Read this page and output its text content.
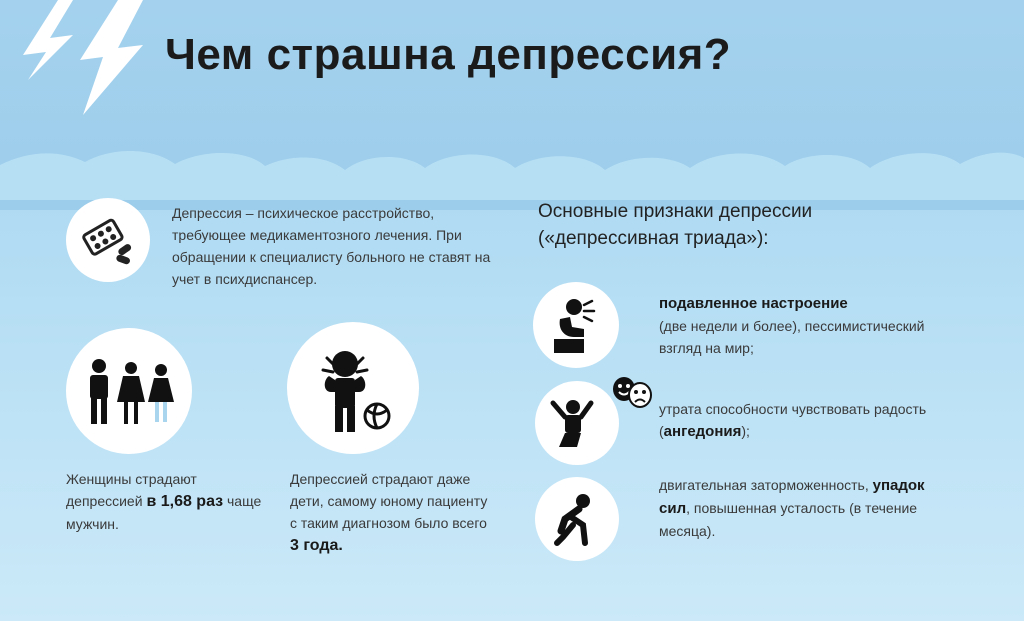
Чем страшна депрессия?
Депрессия – психическое расстройство, требующее медикаментозного лечения. При обращении к специалисту больного не ставят на учет в психдиспансер.
Женщины страдают депрессией в 1,68 раз чаще мужчин.
Депрессией страдают даже дети, самому юному пациенту с таким диагнозом было всего 3 года.
Основные признаки депрессии («депрессивная триада»):
подавленное настроение
(две недели и более), пессимистический взгляд на мир;
утрата способности чувствовать радость (ангедония);
двигательная заторможенность, упадок сил, повышенная усталость (в течение месяца).
